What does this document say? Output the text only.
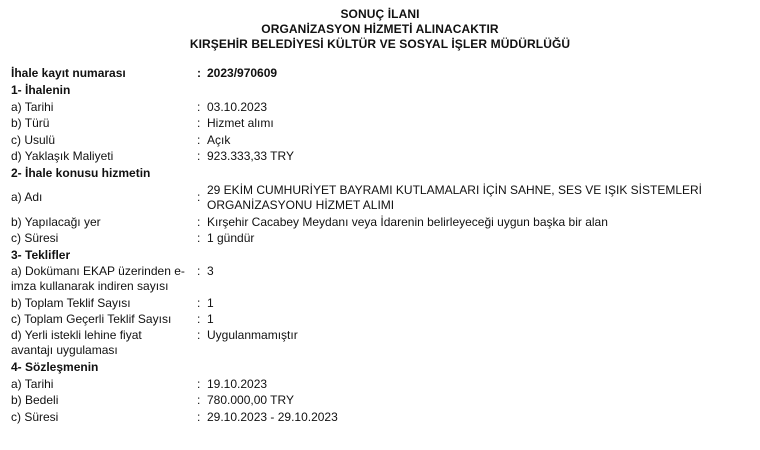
SONUÇ İLANI
ORGANİZASYON HİZMETİ ALINACAKTIR
KIRŞEHİR BELEDİYESİ KÜLTÜR VE SOSYAL İŞLER MÜDÜRLÜĞÜ
İhale kayıt numarası	: 2023/970609
1- İhalenin
a) Tarihi	: 03.10.2023
b) Türü	: Hizmet alımı
c) Usulü	: Açık
d) Yaklaşık Maliyeti	: 923.333,33 TRY
2- İhale konusu hizmetin
a) Adı	:
29 EKİM CUMHURİYET BAYRAMI KUTLAMALARI İÇİN SAHNE, SES VE IŞIK SİSTEMLERİ ORGANİZASYONU HİZMET ALIMI
b) Yapılacağı yer	: Kırşehir Cacabey Meydanı veya İdarenin belirleyeceği uygun başka bir alan
c) Süresi	: 1 gündür
3- Teklifler
a) Dokümanı EKAP üzerinden e-imza kullanarak indiren sayısı
: 3
b) Toplam Teklif Sayısı	: 1
c) Toplam Geçerli Teklif Sayısı	: 1
d) Yerli istekli lehine fiyat avantajı uygulaması
: Uygulanmamıştır
4- Sözleşmenin
a) Tarihi	: 19.10.2023
b) Bedeli	: 780.000,00 TRY
c) Süresi	: 29.10.2023 - 29.10.2023
